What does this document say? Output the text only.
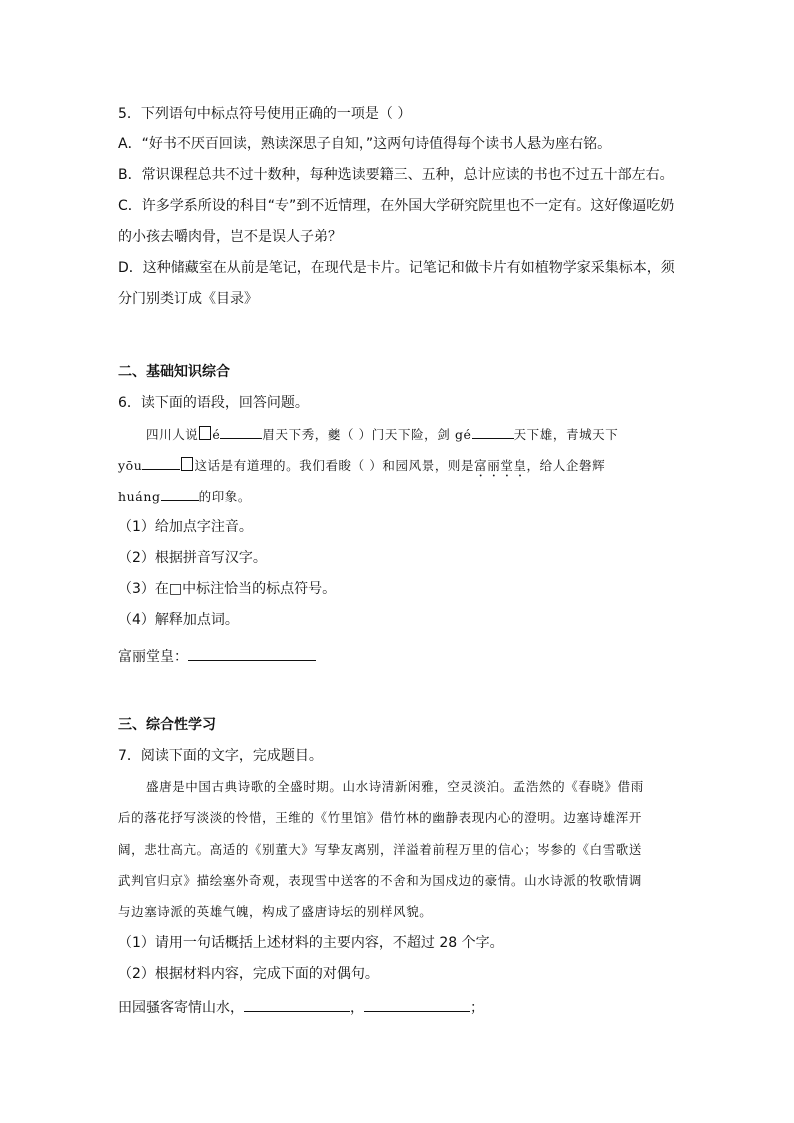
5．下列语句中标点符号使用正确的一项是（ ）
A．“好书不厌百回读，熟读深思子自知，”这两句诗值得每个读书人悬为座右铭。
B．常识课程总共不过十数种，每种选读要籍三、五种，总计应读的书也不过五十部左右。
C．许多学系所设的科目“专”到不近情理，在外国大学研究院里也不一定有。这好像逼吃奶
的小孩去嚼肉骨，岂不是误人子弟？
D．这种储藏室在从前是笔记，在现代是卡片。记笔记和做卡片有如植物学家采集标本，须
分门别类订成《目录》
二、基础知识综合
6．读下面的语段，回答问题。
四川人说 é	眉天下秀，夔（ ）门天下险，剑 gé	天下雄，青城天下
yōu	这话是有道理的。我们看睃（ ）和园风景，则是富丽堂皇，给人企磐辉
huáng	的印象。
（1）给加点字注音。
（2）根据拼音写汉字。
（3）在□中标注恰当的标点符号。
（4）解释加点词。
富丽堂皇：
三、综合性学习
7．阅读下面的文字，完成题目。
盛唐是中国古典诗歌的全盛时期。山水诗清新闲雅，空灵淡泊。孟浩然的《春晓》借雨
后的落花抒写淡淡的怜惜，王维的《竹里馆》借竹林的幽静表现内心的澄明。边塞诗雄浑开
阔，悲壮高亢。高适的《别董大》写挚友离别，洋溢着前程万里的信心；岑参的《白雪歌送
武判官归京》描绘塞外奇观，表现雪中送客的不舍和为国戍边的豪情。山水诗派的牧歌情调
与边塞诗派的英雄气魄，构成了盛唐诗坛的别样风貌。
（1）请用一句话概括上述材料的主要内容，不超过 28 个字。
（2）根据材料内容，完成下面的对偶句。
田园骚客寄情山水，	，	；
